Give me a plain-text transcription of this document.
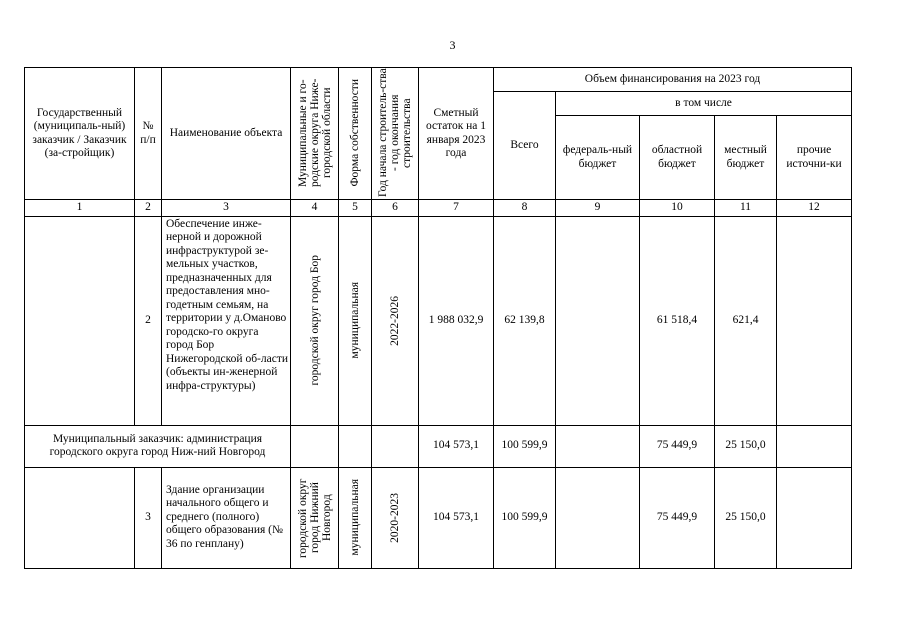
3
Государственный (муниципаль-ный) заказчик / Заказчик (за-стройщик)	№ п/п	Наименование объекта	Муниципальные и го-родские округа Ниже-городской области	Форма собственности	Год начала строитель-ства - год окончания строительства	Сметный остаток на 1 января 2023 года	Объем финансирования на 2023 год				
							Всего	в том числе			
								федераль-ный бюджет	областной бюджет	местный бюджет	прочие источни-ки
1	2	3	4	5	6	7	8	9	10	11	12
	2	Обеспечение инже-нерной и дорожной инфраструктурой зе-мельных участков, предназначенных для предоставления мно-годетным семьям, на территории у д.Оманово городско-го округа город Бор Нижегородской об-ласти (объекты ин-женерной инфра-структуры)	городской округ город Бор	муниципальная	2022-2026	1 988 032,9	62 139,8		61 518,4	621,4	
Муниципальный заказчик: администрация городского округа город Ниж-ний Новгород						104 573,1	100 599,9		75 449,9	25 150,0	
	3	Здание организации начального общего и среднего (полного) общего образования (№ 36 по генплану)	городской округ город Нижний Новгород	муниципальная	2020-2023	104 573,1	100 599,9		75 449,9	25 150,0	
